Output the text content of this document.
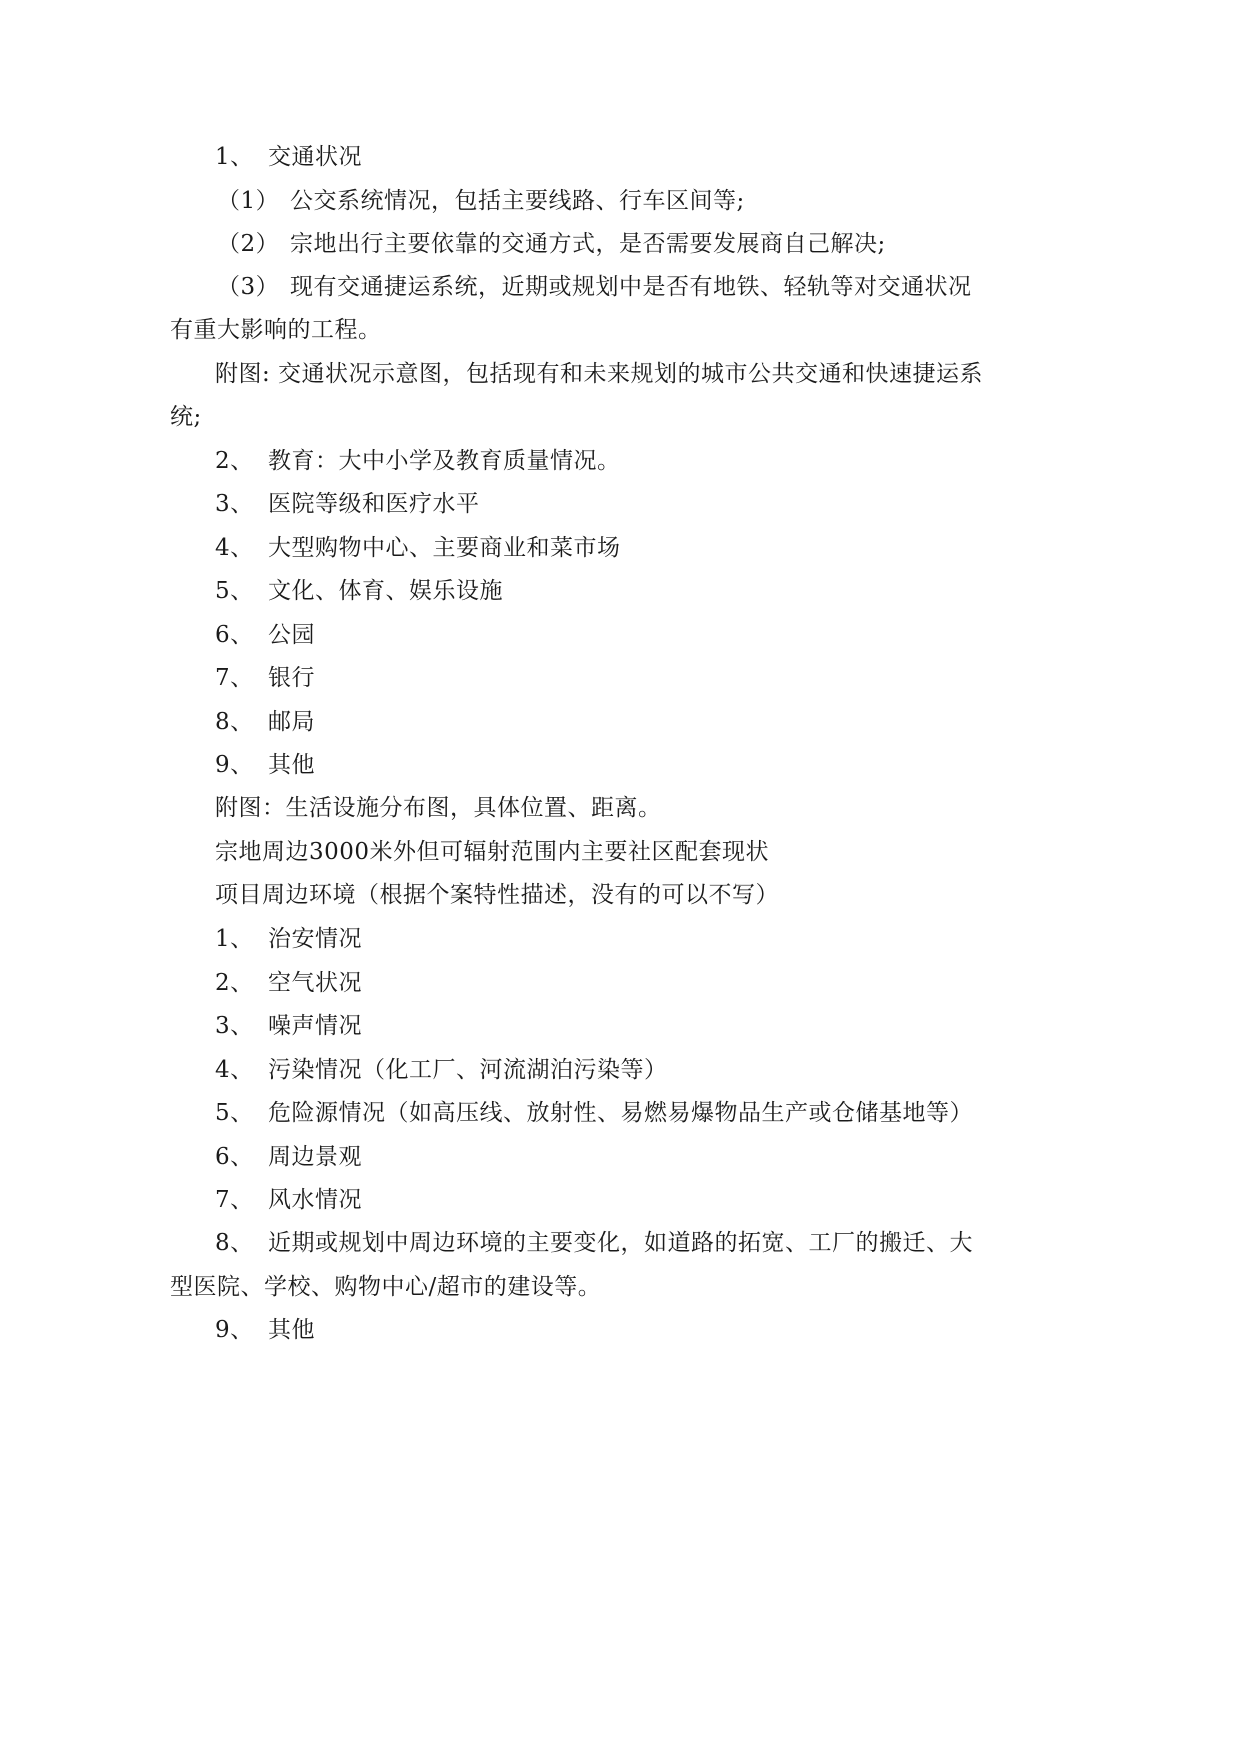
1、 交通状况
（1） 公交系统情况，包括主要线路、行车区间等;
（2） 宗地出行主要依靠的交通方式，是否需要发展商自己解决;
（3） 现有交通捷运系统，近期或规划中是否有地铁、轻轨等对交通状况
有重大影响的工程。
附图: 交通状况示意图，包括现有和未来规划的城市公共交通和快速捷运系
统;
2、 教育：大中小学及教育质量情况。
3、 医院等级和医疗水平
4、 大型购物中心、主要商业和菜市场
5、 文化、体育、娱乐设施
6、 公园
7、 银行
8、 邮局
9、 其他
附图：生活设施分布图，具体位置、距离。
宗地周边3000米外但可辐射范围内主要社区配套现状
项目周边环境（根据个案特性描述，没有的可以不写）
1、 治安情况
2、 空气状况
3、 噪声情况
4、 污染情况（化工厂、河流湖泊污染等）
5、 危险源情况（如高压线、放射性、易燃易爆物品生产或仓储基地等）
6、 周边景观
7、 风水情况
8、 近期或规划中周边环境的主要变化，如道路的拓宽、工厂的搬迁、大
型医院、学校、购物中心/超市的建设等。
9、 其他
